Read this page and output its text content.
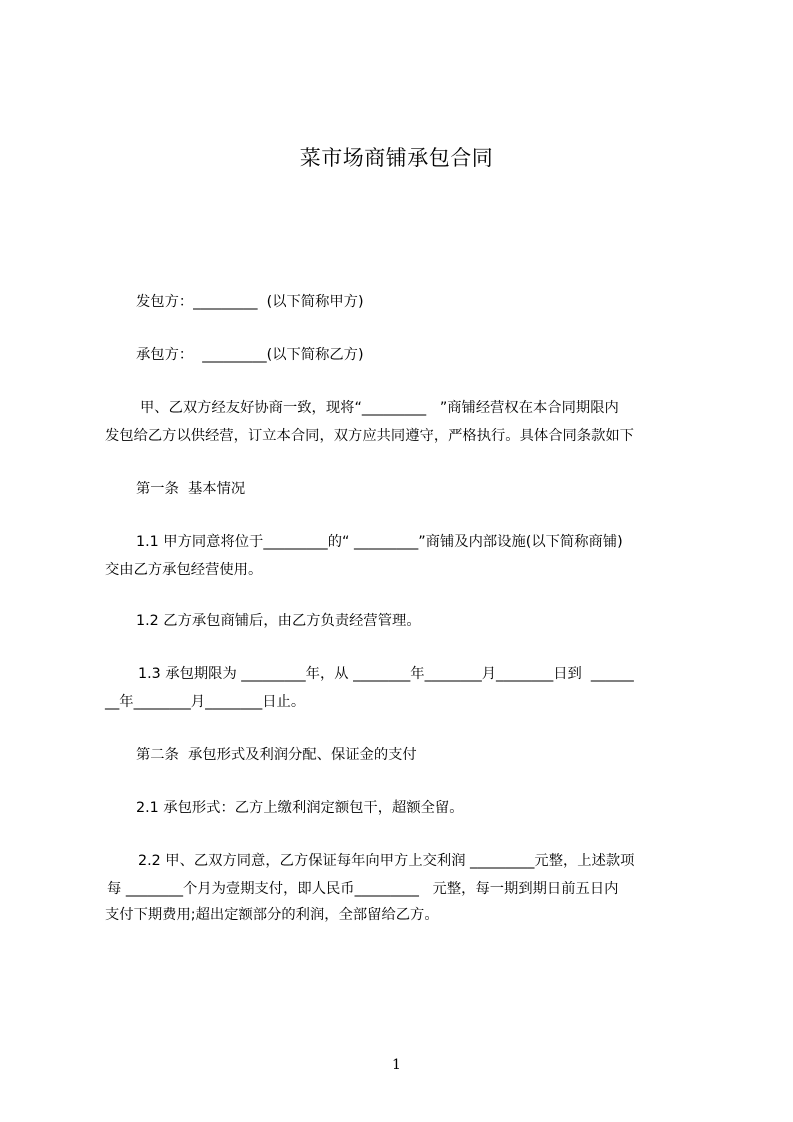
菜市场商铺承包合同
发包方：_________  (以下简称甲方)
承包方：  _________(以下简称乙方)
甲、乙双方经友好协商一致，现将“_________   ”商铺经营权在本合同期限内
发包给乙方以供经营，订立本合同，双方应共同遵守，严格执行。具体合同条款如下
第一条  基本情况
1.1 甲方同意将位于_________的“ _________”商铺及内部设施(以下简称商铺)
交由乙方承包经营使用。
1.2 乙方承包商铺后，由乙方负责经营管理。
1.3 承包期限为 _________年，从 ________年________月________日到  ______
__年________月________日止。
第二条  承包形式及利润分配、保证金的支付
2.1 承包形式：乙方上缴利润定额包干，超额全留。
2.2 甲、乙双方同意，乙方保证每年向甲方上交利润 _________元整，上述款项
每 ________个月为壹期支付，即人民币_________   元整，每一期到期日前五日内
支付下期费用;超出定额部分的利润，全部留给乙方。
1
